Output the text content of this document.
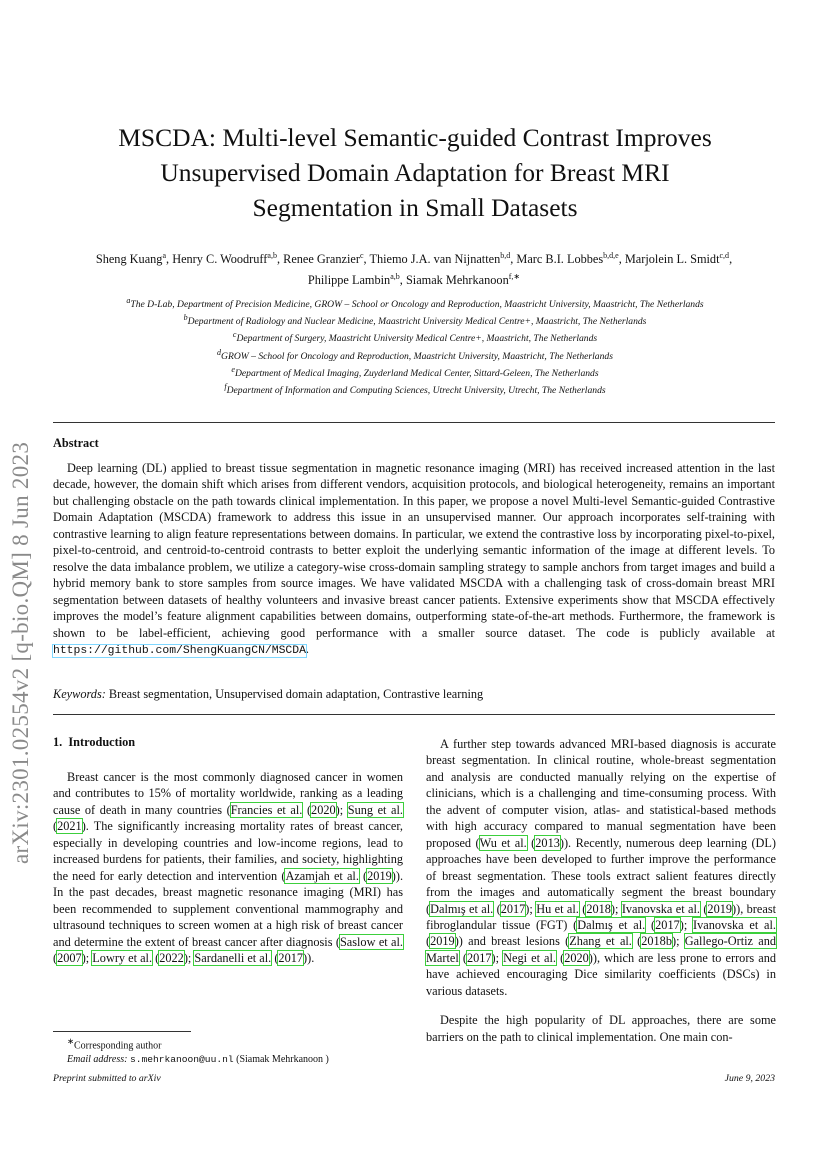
arXiv:2301.02554v2 [q-bio.QM] 8 Jun 2023
MSCDA: Multi-level Semantic-guided Contrast Improves
Unsupervised Domain Adaptation for Breast MRI
Segmentation in Small Datasets
Sheng Kuang$^a$, Henry C. Woodruff$^{a,b}$, Renee Granzier$^c$, Thiemo J.A. van Nijnatten$^{b,d}$, Marc B.I. Lobbes$^{b,d,e}$, Marjolein L. Smidt$^{c,d}$,
Philippe Lambin$^{a,b}$, Siamak Mehrkanoon$^{f,∗}$
$^a$The D-Lab, Department of Precision Medicine, GROW – School or Oncology and Reproduction, Maastricht University, Maastricht, The Netherlands
$^b$Department of Radiology and Nuclear Medicine, Maastricht University Medical Centre+, Maastricht, The Netherlands
$^c$Department of Surgery, Maastricht University Medical Centre+, Maastricht, The Netherlands
$^d$GROW – School for Oncology and Reproduction, Maastricht University, Maastricht, The Netherlands
$^e$Department of Medical Imaging, Zuyderland Medical Center, Sittard-Geleen, The Netherlands
$^f$Department of Information and Computing Sciences, Utrecht University, Utrecht, The Netherlands
Abstract

Deep learning (DL) applied to breast tissue segmentation in magnetic resonance imaging (MRI) has received increased attention in the last decade, however, the domain shift which arises from different vendors, acquisition protocols, and biological heterogeneity, remains an important but challenging obstacle on the path towards clinical implementation. In this paper, we propose a novel Multi-level Semantic-guided Contrastive Domain Adaptation (MSCDA) framework to address this issue in an unsupervised manner. Our approach incorporates self-training with contrastive learning to align feature representations between domains. In particular, we extend the contrastive loss by incorporating pixel-to-pixel, pixel-to-centroid, and centroid-to-centroid contrasts to better exploit the underlying semantic information of the image at different levels. To resolve the data imbalance problem, we utilize a category-wise cross-domain sampling strategy to sample anchors from target images and build a hybrid memory bank to store samples from source images. We have validated MSCDA with a challenging task of cross-domain breast MRI segmentation between datasets of healthy volunteers and invasive breast cancer patients. Extensive experiments show that MSCDA effectively improves the model’s feature alignment capabilities between domains, outperforming state-of-the-art methods. Furthermore, the framework is shown to be label-efficient, achieving good performance with a smaller source dataset. The code is publicly available at https://github.com/ShengKuangCN/MSCDA.

Keywords: Breast segmentation, Unsupervised domain adaptation, Contrastive learning
1. Introduction

Breast cancer is the most commonly diagnosed cancer in women and contributes to 15% of mortality worldwide, ranking as a leading cause of death in many countries (Francies et al. (2020); Sung et al. (2021). The significantly increasing mortality rates of breast cancer, especially in developing countries and low-income regions, lead to increased burdens for patients, their families, and society, highlighting the need for early detection and intervention (Azamjah et al. (2019)). In the past decades, breast magnetic resonance imaging (MRI) has been recommended to supplement conventional mammography and ultrasound techniques to screen women at a high risk of breast cancer and determine the extent of breast cancer after diagnosis (Saslow et al. (2007); Lowry et al. (2022); Sardanelli et al. (2017)).

A further step towards advanced MRI-based diagnosis is accurate breast segmentation. In clinical routine, whole-breast segmentation and analysis are conducted manually relying on the expertise of clinicians, which is a challenging and time-consuming process. With the advent of computer vision, atlas- and statistical-based methods with high accuracy compared to manual segmentation have been proposed (Wu et al. (2013)). Recently, numerous deep learning (DL) approaches have been developed to further improve the performance of breast segmentation. These tools extract salient features directly from the images and automatically segment the breast boundary (Dalmış et al. (2017); Hu et al. (2018); Ivanovska et al. (2019)), breast fibroglandular tissue (FGT) (Dalmış et al. (2017); Ivanovska et al. (2019)) and breast lesions (Zhang et al. (2018b); Gallego-Ortiz and Martel (2017); Negi et al. (2020)), which are less prone to errors and have achieved encouraging Dice similarity coefficients (DSCs) in various datasets.

Despite the high popularity of DL approaches, there are some barriers on the path to clinical implementation. One main con-

∗Corresponding author
Email address: s.mehrkanoon@uu.nl (Siamak Mehrkanoon )
Preprint submitted to arXiv	June 9, 2023
